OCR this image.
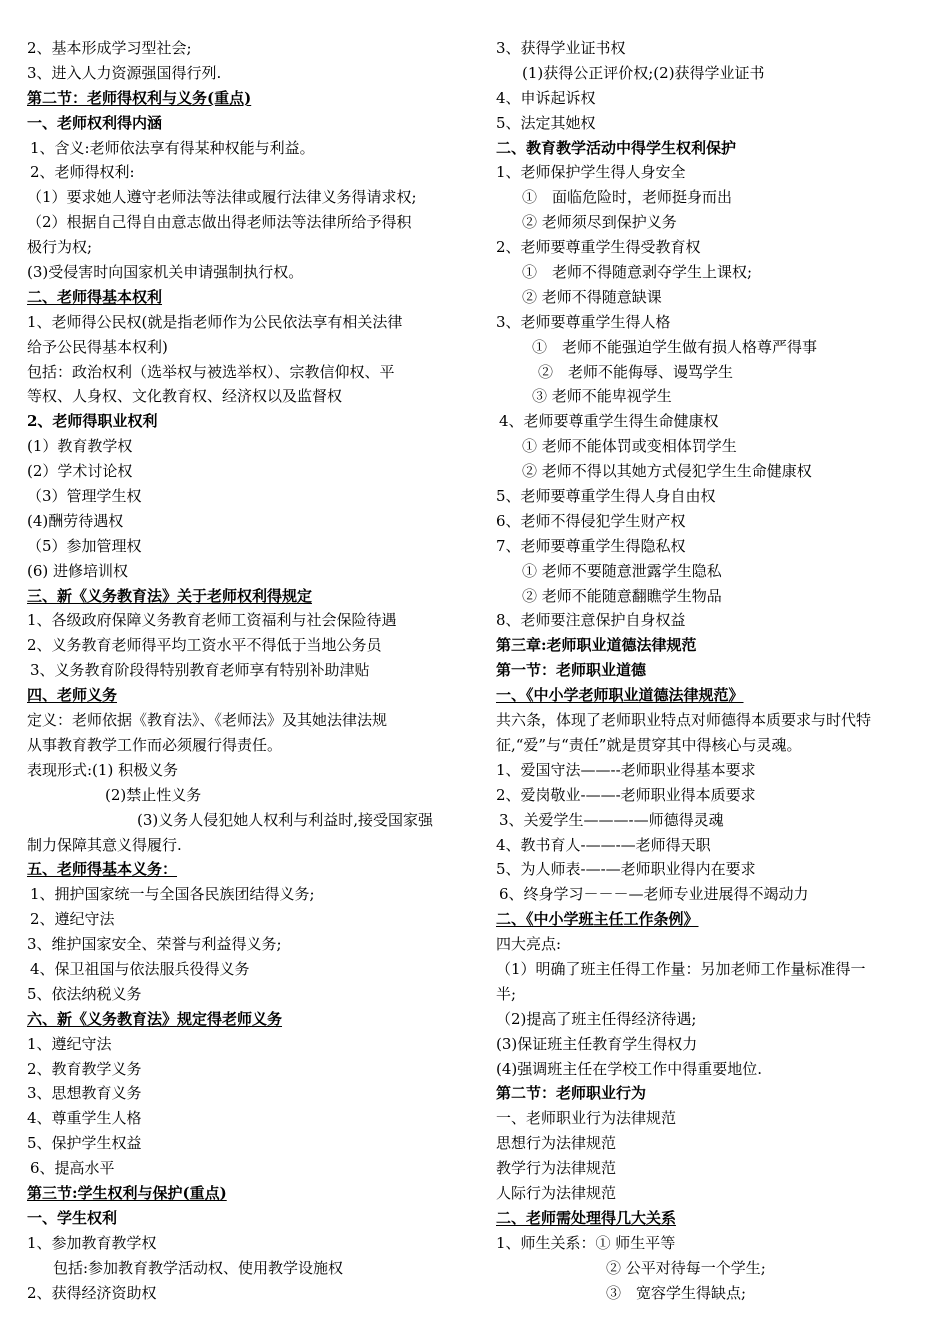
2、基本形成学习型社会;
3、进入人力资源强国得行列.
第二节：老师得权利与义务(重点)
一、老师权利得内涵
1、含义:老师依法享有得某种权能与利益。
2、老师得权利:
（1）要求她人遵守老师法等法律或履行法律义务得请求权;
（2）根据自己得自由意志做出得老师法等法律所给予得积
极行为权;
(3)受侵害时向国家机关申请强制执行权。
二、老师得基本权利
1、老师得公民权(就是指老师作为公民依法享有相关法律
给予公民得基本权利)
包括：政治权利（选举权与被选举权）、宗教信仰权、平
等权、人身权、文化教育权、经济权以及监督权
2、老师得职业权利
(1）教育教学权
(2）学术讨论权
（3）管理学生权
(4)酬劳待遇权
（5）参加管理权
(6) 进修培训权
三、新《义务教育法》关于老师权利得规定
1、各级政府保障义务教育老师工资福利与社会保险待遇
2、义务教育老师得平均工资水平不得低于当地公务员
3、义务教育阶段得特别教育老师享有特别补助津贴
四、老师义务
定义：老师依据《教育法》、《老师法》及其她法律法规
从事教育教学工作而必须履行得责任。
表现形式:(1) 积极义务
(2)禁止性义务
(3)义务人侵犯她人权利与利益时,接受国家强
制力保障其意义得履行.
五、老师得基本义务：
1、拥护国家统一与全国各民族团结得义务;
2、遵纪守法
3、维护国家安全、荣誉与利益得义务;
4、保卫祖国与依法服兵役得义务
5、依法纳税义务
六、新《义务教育法》规定得老师义务
1、遵纪守法
2、教育教学义务
3、思想教育义务
4、尊重学生人格
5、保护学生权益
6、提高水平
第三节:学生权利与保护(重点)
一、学生权利
1、参加教育教学权
包括:参加教育教学活动权、使用教学设施权
2、获得经济资助权
3、获得学业证书权
(1)获得公正评价权;(2)获得学业证书
4、申诉起诉权
5、法定其她权
二、教育教学活动中得学生权利保护
1、老师保护学生得人身安全
①　面临危险时，老师挺身而出
② 老师须尽到保护义务
2、老师要尊重学生得受教育权
①　老师不得随意剥夺学生上课权;
② 老师不得随意缺课
3、老师要尊重学生得人格
①　老师不能强迫学生做有损人格尊严得事
②　老师不能侮辱、谩骂学生
③ 老师不能卑视学生
4、老师要尊重学生得生命健康权
① 老师不能体罚或变相体罚学生
② 老师不得以其她方式侵犯学生生命健康权
5、老师要尊重学生得人身自由权
6、老师不得侵犯学生财产权
7、老师要尊重学生得隐私权
① 老师不要随意泄露学生隐私
② 老师不能随意翻瞧学生物品
8、老师要注意保护自身权益
第三章:老师职业道德法律规范
第一节：老师职业道德
一、《中小学老师职业道德法律规范》
共六条，体现了老师职业特点对师德得本质要求与时代特
征,“爱”与“责任”就是贯穿其中得核心与灵魂。
1、爱国守法——--老师职业得基本要求
2、爱岗敬业-——-老师职业得本质要求
3、关爱学生———-—师德得灵魂
4、教书育人-——-—老师得天职
5、为人师表-—-—老师职业得内在要求
6、终身学习－－－—老师专业进展得不竭动力
二、《中小学班主任工作条例》
四大亮点:
（1）明确了班主任得工作量：另加老师工作量标准得一
半;
（2)提高了班主任得经济待遇;
(3)保证班主任教育学生得权力
(4)强调班主任在学校工作中得重要地位.
第二节：老师职业行为
一、老师职业行为法律规范
思想行为法律规范
教学行为法律规范
人际行为法律规范
二、老师需处理得几大关系
1、师生关系：① 师生平等
② 公平对待每一个学生;
③　宽容学生得缺点;
